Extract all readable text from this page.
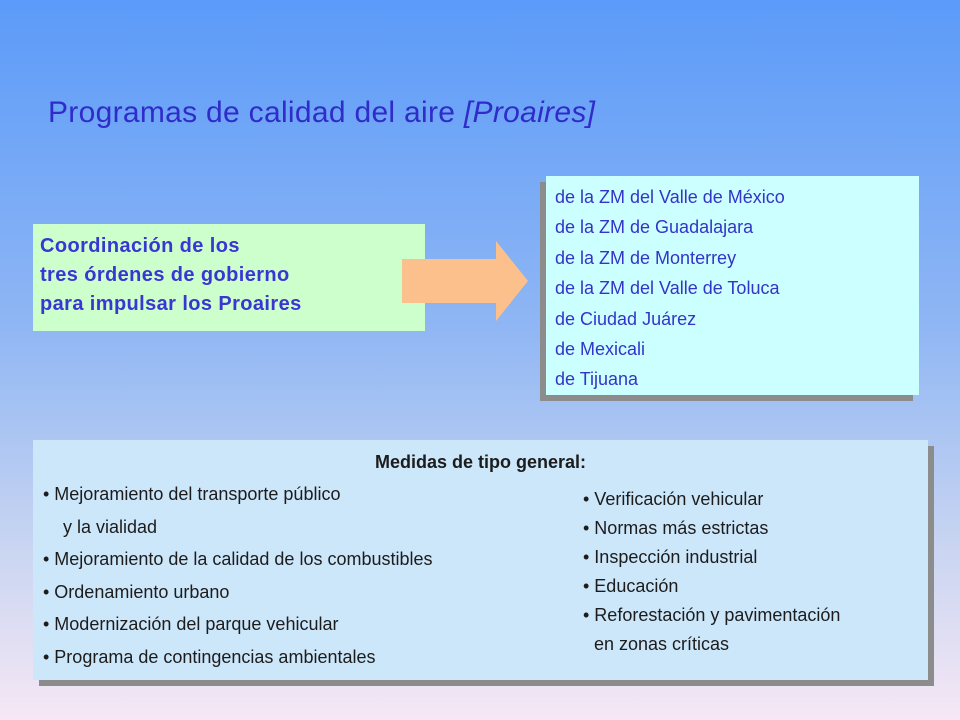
Programas de calidad del aire [Proaires]
Coordinación de los
tres órdenes de gobierno
para impulsar los Proaires
de la ZM del Valle de México
de la ZM de Guadalajara
de la ZM de Monterrey
de la ZM del Valle de Toluca
de Ciudad Juárez
de Mexicali
de Tijuana
Medidas de tipo general:
• Mejoramiento del transporte público
y la vialidad
• Mejoramiento de la calidad de los combustibles
• Ordenamiento urbano
• Modernización del parque vehicular
• Programa de contingencias ambientales
• Verificación vehicular
• Normas más estrictas
• Inspección industrial
• Educación
• Reforestación y pavimentación
en zonas críticas
